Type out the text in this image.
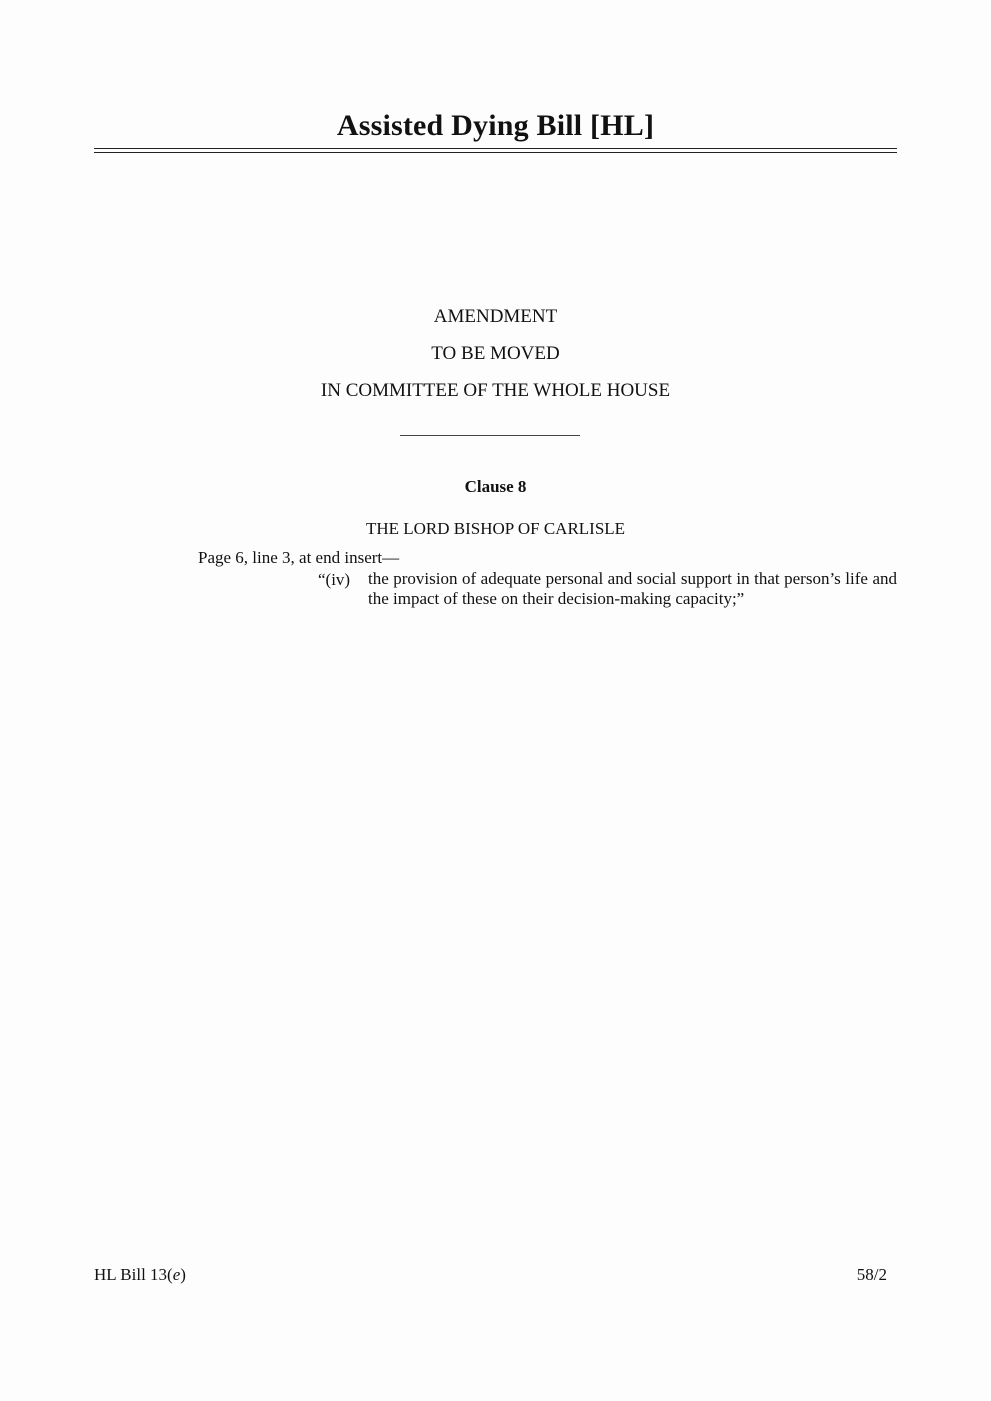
Assisted Dying Bill [HL]
AMENDMENT
TO BE MOVED
IN COMMITTEE OF THE WHOLE HOUSE
Clause 8
THE LORD BISHOP OF CARLISLE
Page 6, line 3, at end insert—
“(iv) the provision of adequate personal and social support in that person’s life and the impact of these on their decision-making capacity;”
HL Bill 13(e)	58/2
